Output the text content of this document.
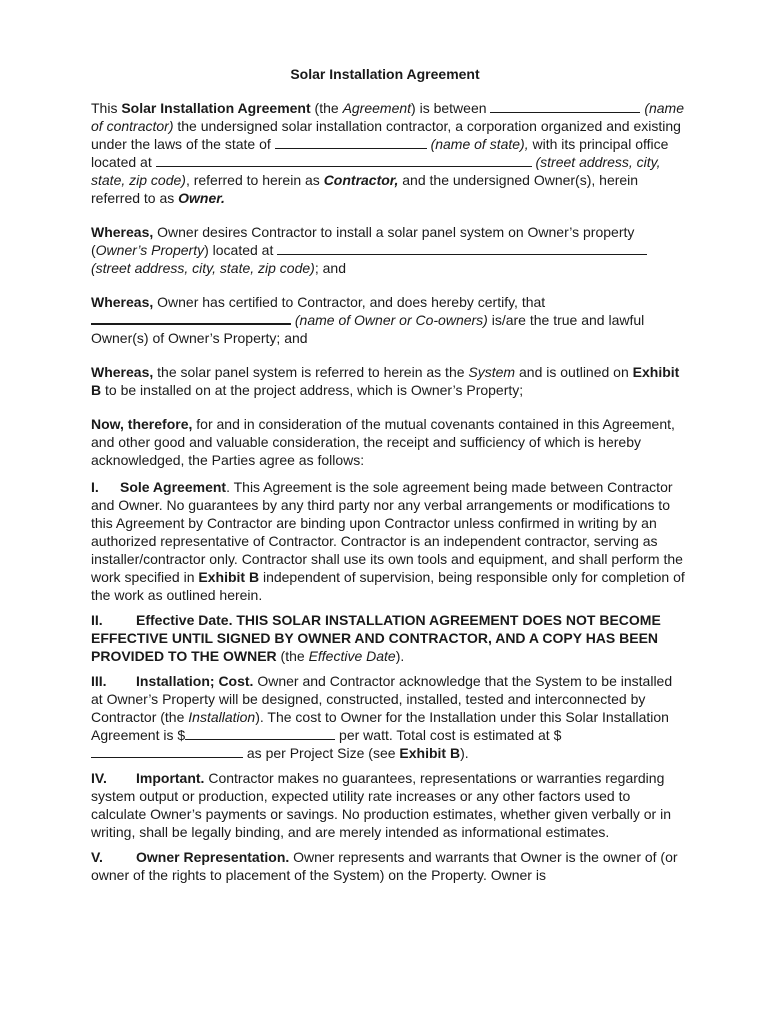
Solar Installation Agreement

This Solar Installation Agreement (the Agreement) is between	(name of contractor) the undersigned solar installation contractor, a corporation organized and existing under the laws of the state of	(name of state), with its principal office located at	(street address, city, state, zip code), referred to herein as Contractor, and the undersigned Owner(s), herein referred to as Owner.

Whereas, Owner desires Contractor to install a solar panel system on Owner’s property (Owner’s Property) located at  (street address, city, state, zip code); and

Whereas, Owner has certified to Contractor, and does hereby certify, that  (name of Owner or Co-owners) is/are the true and lawful Owner(s) of Owner’s Property; and

Whereas, the solar panel system is referred to herein as the System and is outlined on Exhibit B to be installed on at the project address, which is Owner’s Property;

Now, therefore, for and in consideration of the mutual covenants contained in this Agreement, and other good and valuable consideration, the receipt and sufficiency of which is hereby acknowledged, the Parties agree as follows:

I. Sole Agreement. This Agreement is the sole agreement being made between Contractor and Owner. No guarantees by any third party nor any verbal arrangements or modifications to this Agreement by Contractor are binding upon Contractor unless confirmed in writing by an authorized representative of Contractor. Contractor is an independent contractor, serving as installer/contractor only. Contractor shall use its own tools and equipment, and shall perform the work specified in Exhibit B independent of supervision, being responsible only for completion of the work as outlined herein.

II. Effective Date. THIS SOLAR INSTALLATION AGREEMENT DOES NOT BECOME EFFECTIVE UNTIL SIGNED BY OWNER AND CONTRACTOR, AND A COPY HAS BEEN PROVIDED TO THE OWNER (the Effective Date).

III. Installation; Cost. Owner and Contractor acknowledge that the System to be installed at Owner’s Property will be designed, constructed, installed, tested and interconnected by Contractor (the Installation). The cost to Owner for the Installation under this Solar Installation Agreement is $	per watt. Total cost is estimated at $ as per Project Size (see Exhibit B).

IV. Important. Contractor makes no guarantees, representations or warranties regarding system output or production, expected utility rate increases or any other factors used to calculate Owner’s payments or savings. No production estimates, whether given verbally or in writing, shall be legally binding, and are merely intended as informational estimates.

V. Owner Representation. Owner represents and warrants that Owner is the owner of (or owner of the rights to placement of the System) on the Property. Owner is
